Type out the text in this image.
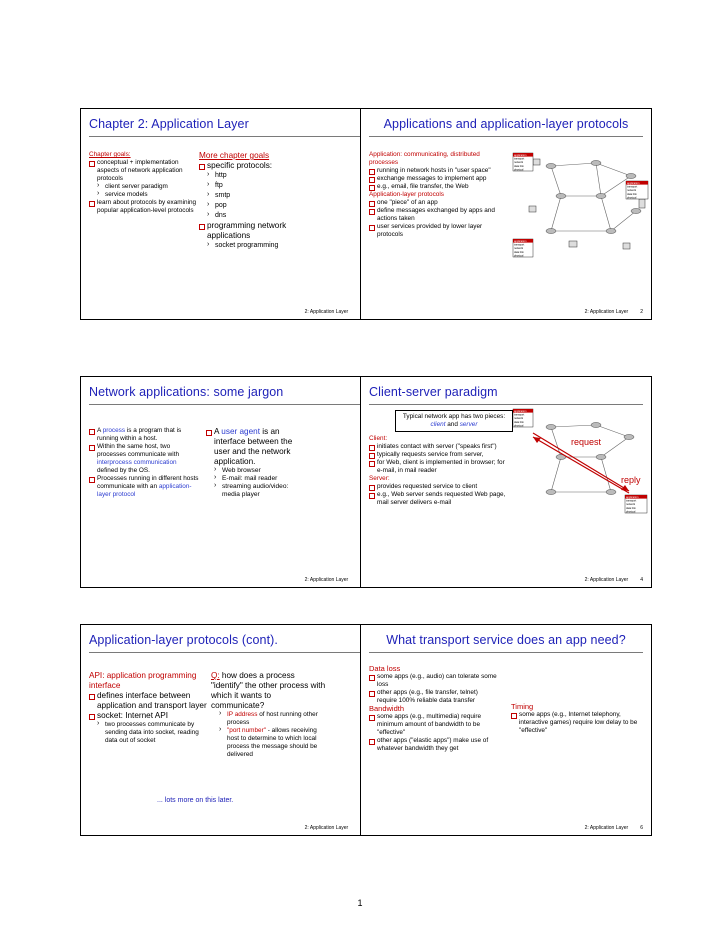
Chapter 2: Application Layer
Chapter goals:
conceptual + implementation aspects of network application protocols
› client server paradigm
› service models
learn about protocols by examining popular application-level protocols
More chapter goals
specific protocols:
› http
› ftp
› smtp
› pop
› dns
programming network applications
› socket programming
2: Application Layer
Applications and application-layer protocols
Application: communicating, distributed processes
running in network hosts in "user space"
exchange messages to implement app
e.g., email, file transfer, the Web
Application-layer protocols
one "piece" of an app
define messages exchanged by apps and actions taken
user services provided by lower layer protocols
application
transport
network
data link
physical
application
transport
network
data link
physical
application
transport
network
data link
physical
2: Application Layer 2
Network applications: some jargon
A process is a program that is running within a host.
Within the same host, two processes communicate with interprocess communication defined by the OS.
Processes running in different hosts communicate with an application-layer protocol
A user agent is an interface between the user and the network application.
› Web browser
› E-mail: mail reader
› streaming audio/video: media player
2: Application Layer
Client-server paradigm
Typical network app has two pieces: client and server
Client:
initiates contact with server ("speaks first")
typically requests service from server,
for Web, client is implemented in browser; for e-mail, in mail reader
Server:
provides requested service to client
e.g., Web server sends requested Web page, mail server delivers e-mail
request
reply
application
transport
network
data link
physical
application
transport
network
data link
physical
2: Application Layer 4
Application-layer protocols (cont).
API: application programming interface
defines interface between application and transport layer
socket: Internet API
› two processes communicate by sending data into socket, reading data out of socket
Q: how does a process "identify" the other process with which it wants to communicate?
› IP address of host running other process
› "port number" - allows receiving host to determine to which local process the message should be delivered
... lots more on this later.
2: Application Layer
What transport service does an app need?
Data loss
some apps (e.g., audio) can tolerate some loss
other apps (e.g., file transfer, telnet) require 100% reliable data transfer
Bandwidth
some apps (e.g., multimedia) require minimum amount of bandwidth to be "effective"
other apps ("elastic apps") make use of whatever bandwidth they get
Timing
some apps (e.g., Internet telephony, interactive games) require low delay to be "effective"
2: Application Layer 6
1
